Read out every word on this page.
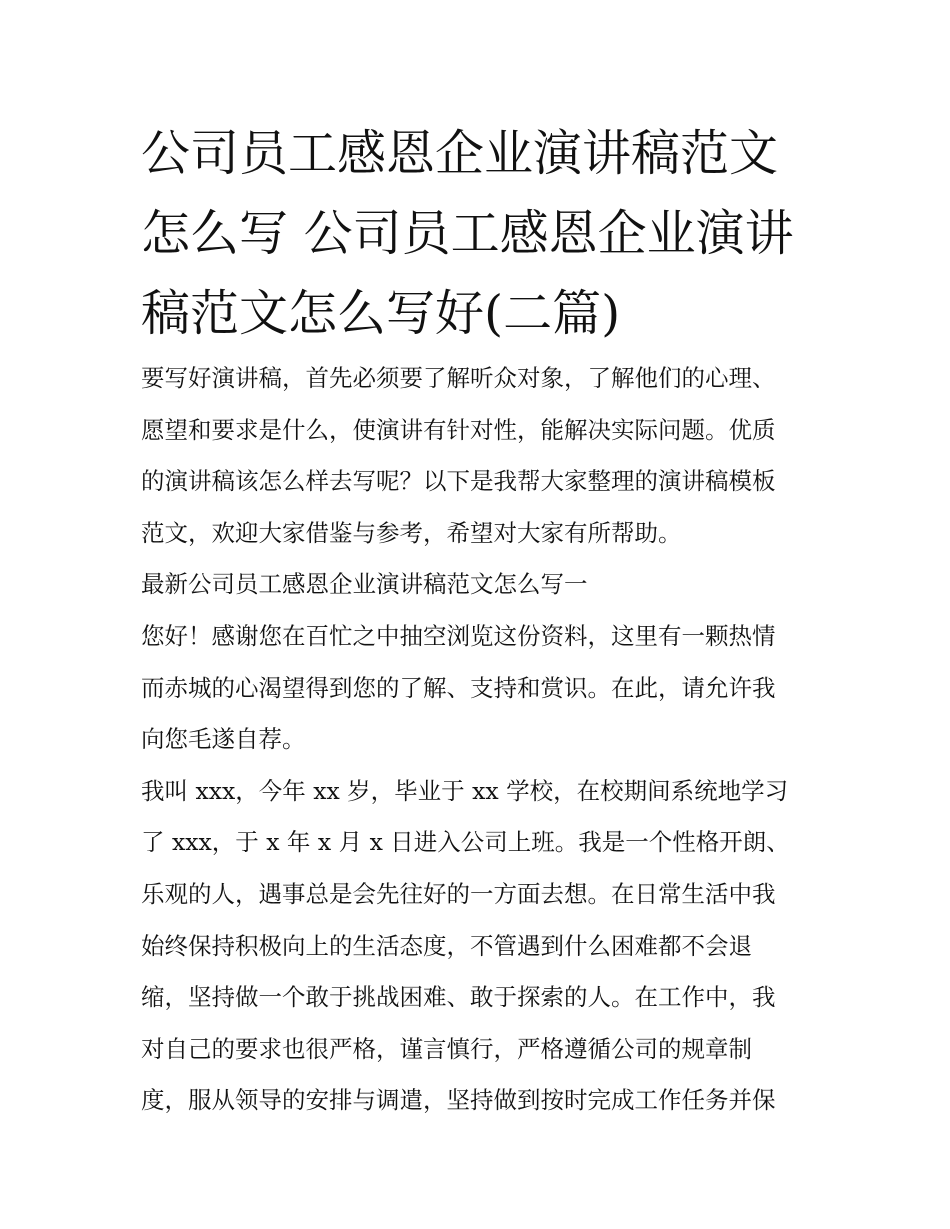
公司员工感恩企业演讲稿范文
怎么写 公司员工感恩企业演讲
稿范文怎么写好(二篇)

要写好演讲稿，首先必须要了解听众对象，了解他们的心理、
愿望和要求是什么，使演讲有针对性，能解决实际问题。优质
的演讲稿该怎么样去写呢？以下是我帮大家整理的演讲稿模板
范文，欢迎大家借鉴与参考，希望对大家有所帮助。

最新公司员工感恩企业演讲稿范文怎么写一

您好！感谢您在百忙之中抽空浏览这份资料，这里有一颗热情
而赤城的心渴望得到您的了解、支持和赏识。在此，请允许我
向您毛遂自荐。

我叫 xxx，今年 xx 岁，毕业于 xx 学校，在校期间系统地学习
了 xxx，于 x 年 x 月 x 日进入公司上班。我是一个性格开朗、
乐观的人，遇事总是会先往好的一方面去想。在日常生活中我
始终保持积极向上的生活态度，不管遇到什么困难都不会退
缩，坚持做一个敢于挑战困难、敢于探索的人。在工作中，我
对自己的要求也很严格，谨言慎行，严格遵循公司的规章制
度，服从领导的安排与调遣，坚持做到按时完成工作任务并保
